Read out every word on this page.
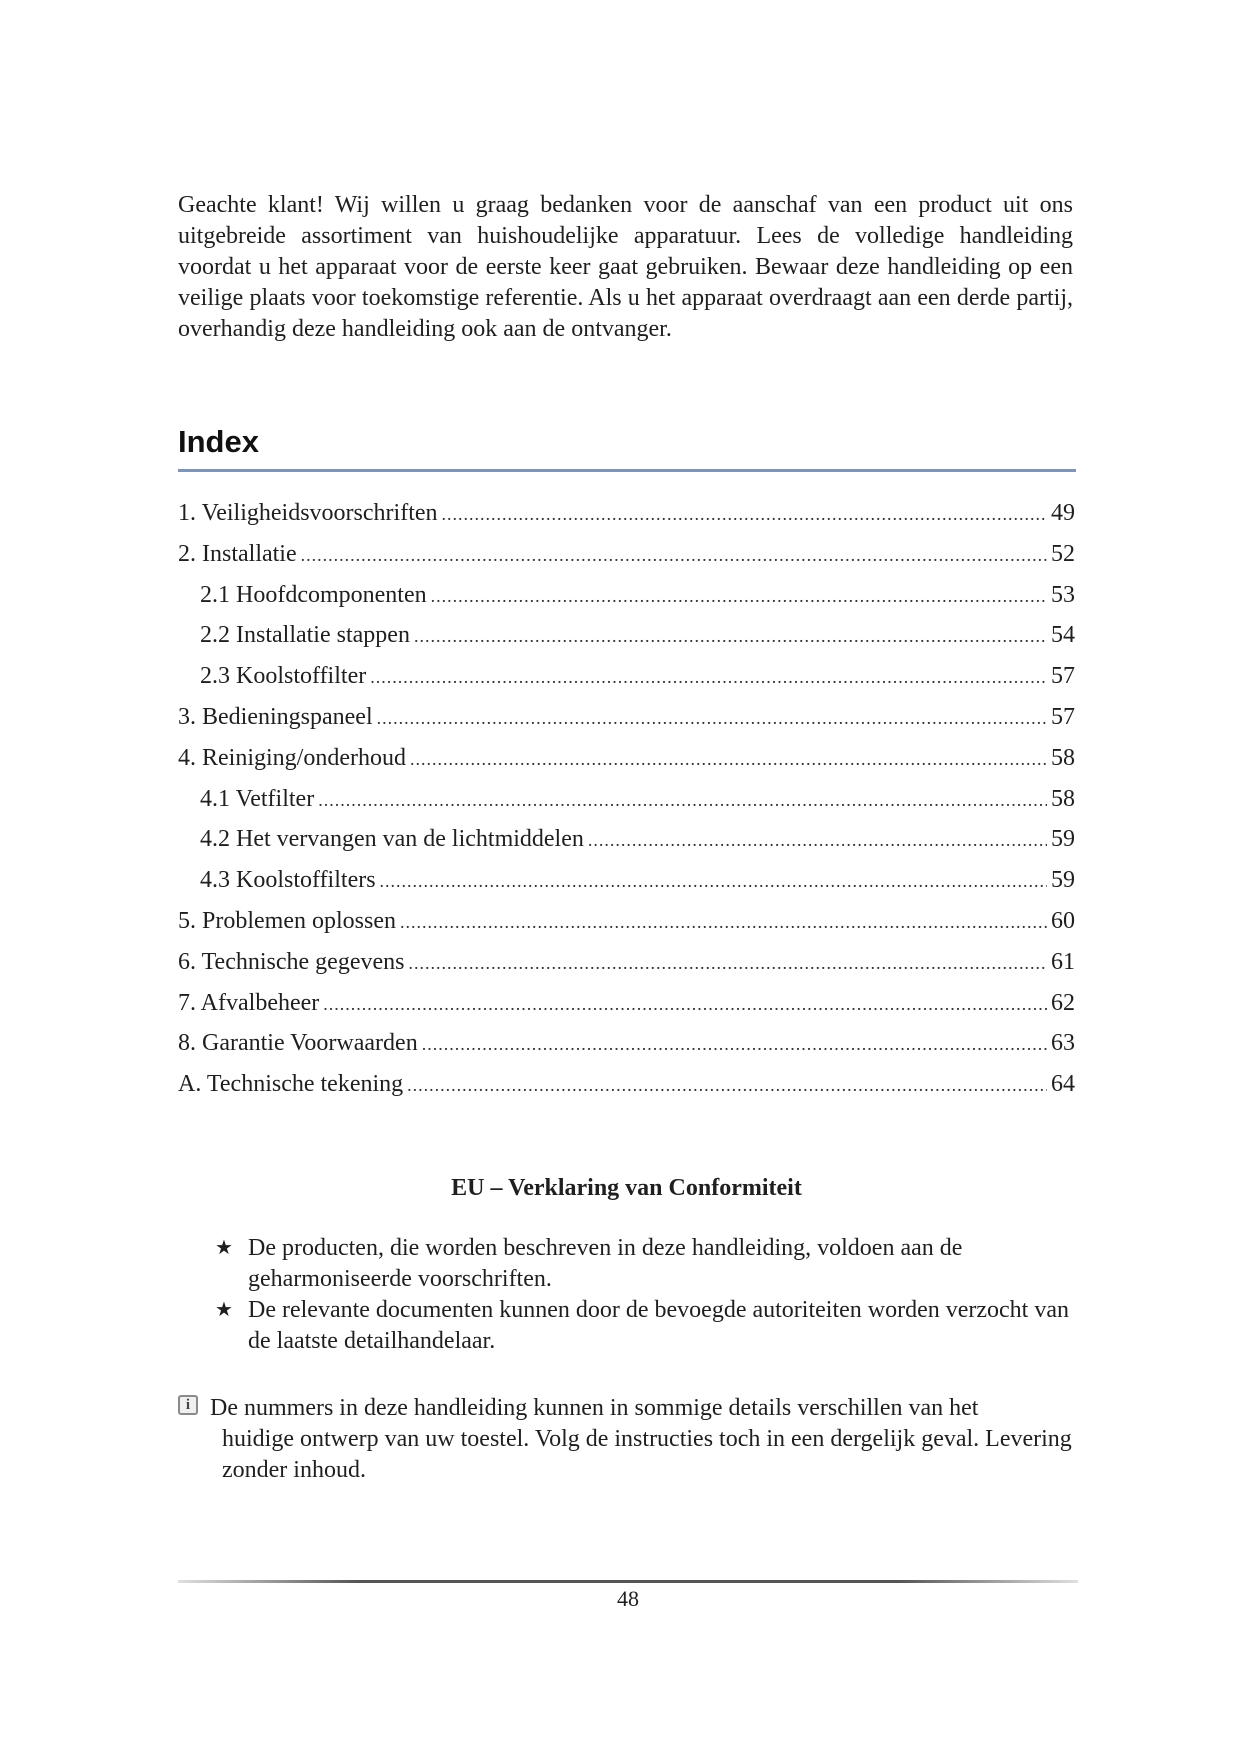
Geachte klant! Wij willen u graag bedanken voor de aanschaf van een product uit ons uitgebreide assortiment van huishoudelijke apparatuur. Lees de volledige handleiding voordat u het apparaat voor de eerste keer gaat gebruiken. Bewaar deze handleiding op een veilige plaats voor toekomstige referentie. Als u het apparaat overdraagt aan een derde partij, overhandig deze handleiding ook aan de ontvanger.

Index
1. Veiligheidsvoorschriften .....	49
2. Installatie .....	52
2.1 Hoofdcomponenten .....	53
2.2 Installatie stappen .....	54
2.3 Koolstoffilter .....	57
3. Bedieningspaneel .....	57
4. Reiniging/onderhoud .....	58
4.1 Vetfilter .....	58
4.2 Het vervangen van de lichtmiddelen .....	59
4.3 Koolstoffilters .....	59
5. Problemen oplossen .....	60
6. Technische gegevens .....	61
7. Afvalbeheer .....	62
8. Garantie Voorwaarden .....	63
A. Technische tekening .....	64
EU – Verklaring van Conformiteit
★ De producten, die worden beschreven in deze handleiding, voldoen aan de geharmoniseerde voorschriften.
★ De relevante documenten kunnen door de bevoegde autoriteiten worden verzocht van de laatste detailhandelaar.
i De nummers in deze handleiding kunnen in sommige details verschillen van het
huidige ontwerp van uw toestel. Volg de instructies toch in een dergelijk geval. Levering zonder inhoud.
48
